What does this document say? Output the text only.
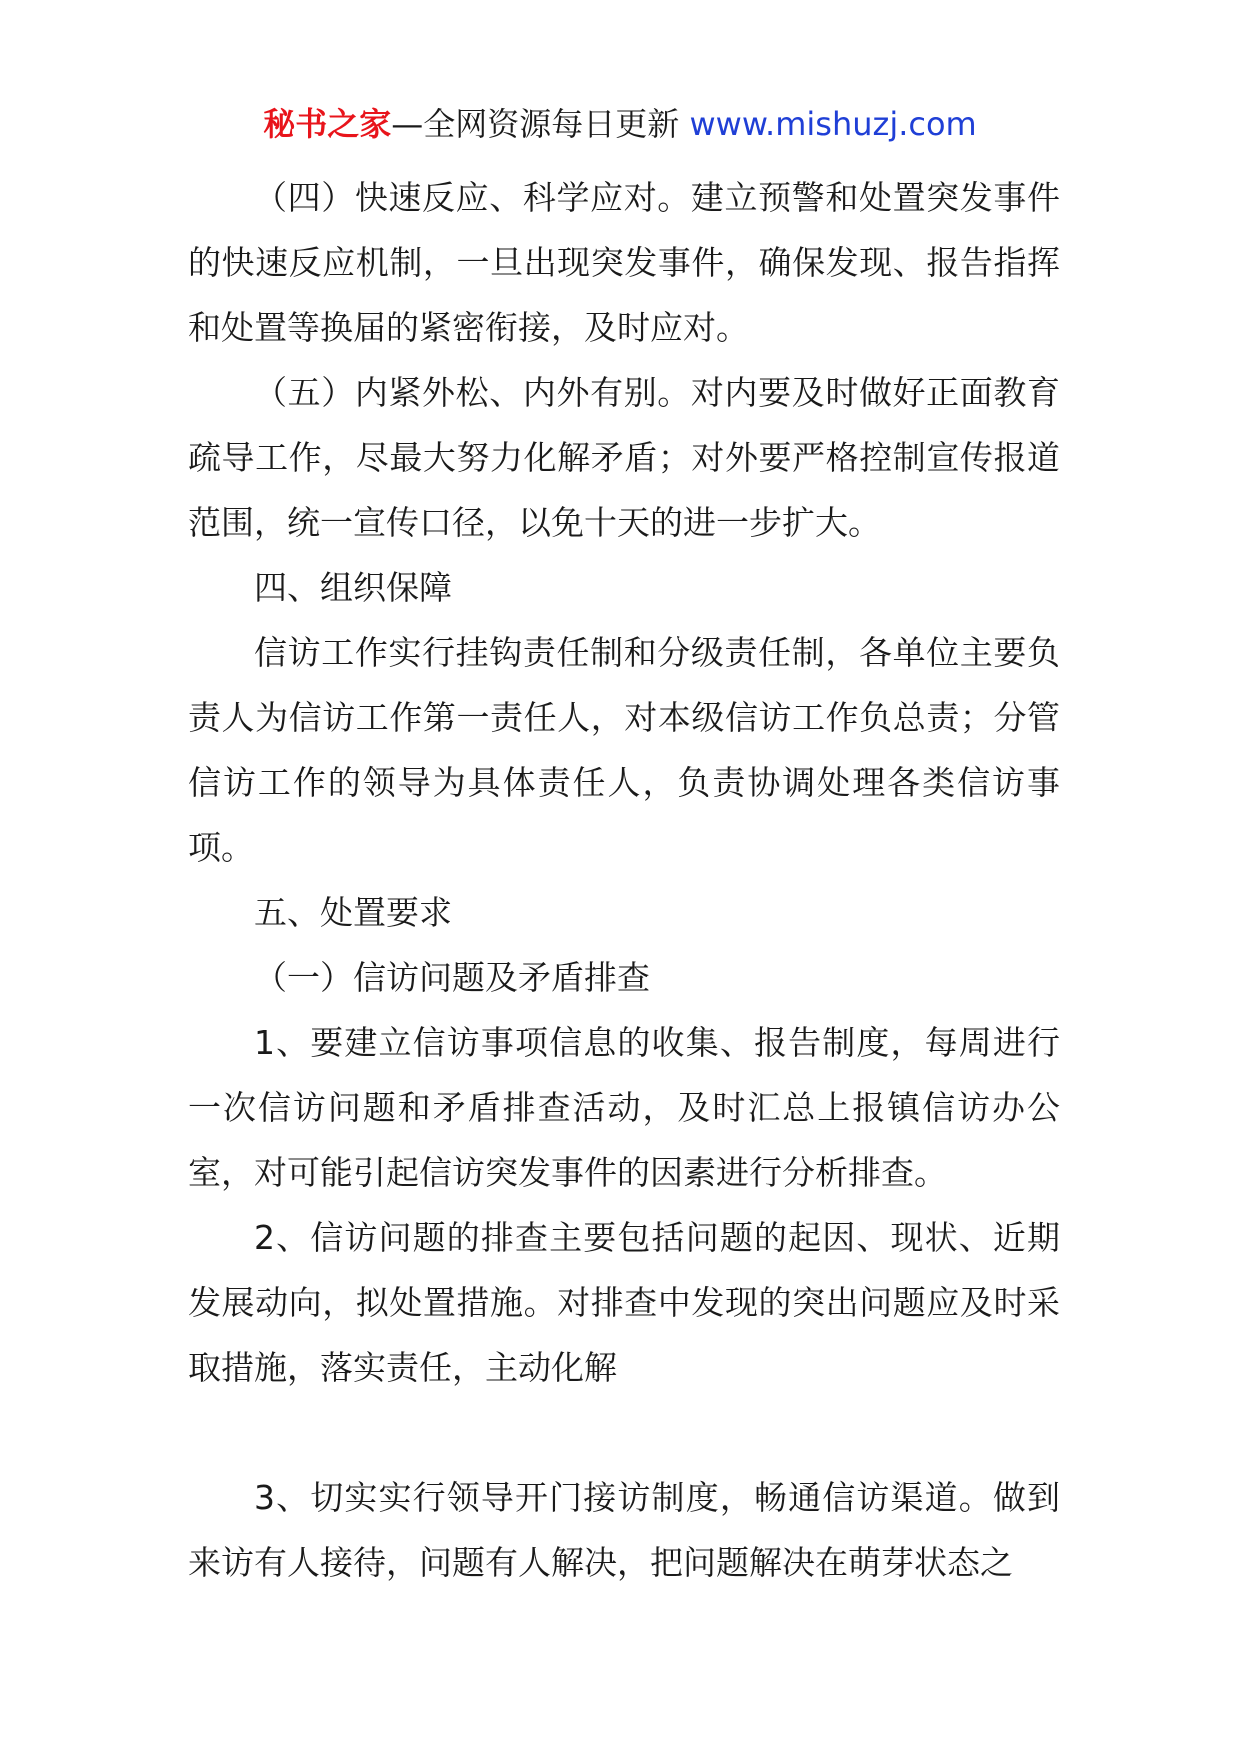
秘书之家—全网资源每日更新 www.mishuzj.com

（四）快速反应、科学应对。建立预警和处置突发事件的快速反应机制，一旦出现突发事件，确保发现、报告指挥和处置等换届的紧密衔接，及时应对。

（五）内紧外松、内外有别。对内要及时做好正面教育疏导工作，尽最大努力化解矛盾；对外要严格控制宣传报道范围，统一宣传口径，以免十天的进一步扩大。

四、组织保障

信访工作实行挂钩责任制和分级责任制，各单位主要负责人为信访工作第一责任人，对本级信访工作负总责；分管信访工作的领导为具体责任人，负责协调处理各类信访事项。

五、处置要求

（一）信访问题及矛盾排查

1、要建立信访事项信息的收集、报告制度，每周进行一次信访问题和矛盾排查活动，及时汇总上报镇信访办公室，对可能引起信访突发事件的因素进行分析排查。

2、信访问题的排查主要包括问题的起因、现状、近期发展动向，拟处置措施。对排查中发现的突出问题应及时采取措施，落实责任，主动化解

3、切实实行领导开门接访制度，畅通信访渠道。做到来访有人接待，问题有人解决，把问题解决在萌芽状态之
